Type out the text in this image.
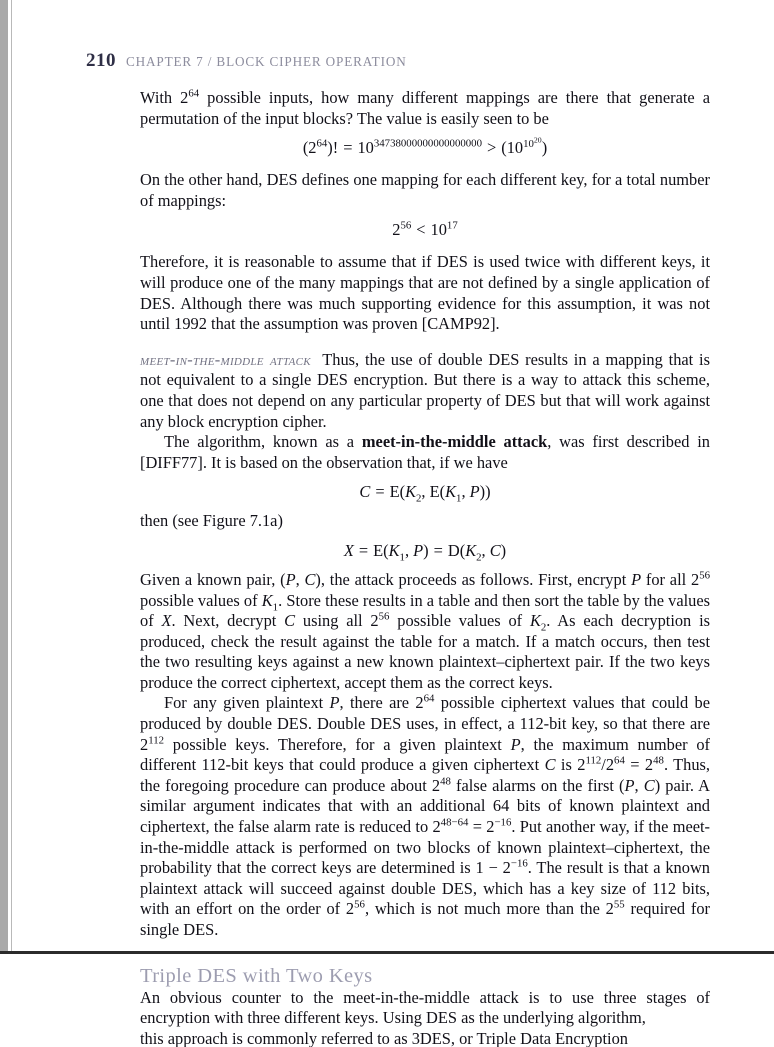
210 CHAPTER 7 / BLOCK CIPHER OPERATION

With $2^{64}$ possible inputs, how many different mappings are there that generate a permutation of the input blocks? The value is easily seen to be

$(2^{64})$! = $10^{34738000000000000000} > (10^{10^{20}})$

On the other hand, DES defines one mapping for each different key, for a total number of mappings:

$2^{56} < 10^{17}$

Therefore, it is reasonable to assume that if DES is used twice with different keys, it will produce one of the many mappings that are not defined by a single application of DES. Although there was much supporting evidence for this assumption, it was not until 1992 that the assumption was proven [CAMP92].

meet-in-the-middle attack Thus, the use of double DES results in a mapping that is not equivalent to a single DES encryption. But there is a way to attack this scheme, one that does not depend on any particular property of DES but that will work against any block encryption cipher.

The algorithm, known as a meet-in-the-middle attack, was first described in [DIFF77]. It is based on the observation that, if we have

$C = E(K_2$, $E(K_1$, P))

then (see Figure 7.1a)

$X = E(K_1$, $P) = D(K_2$, C)

Given a known pair, (P, C), the attack proceeds as follows. First, encrypt P for all $2^{56}$ possible values of $K_1$. Store these results in a table and then sort the table by the values of X. Next, decrypt C using all $2^{56}$ possible values of $K_2$. As each decryption is produced, check the result against the table for a match. If a match occurs, then test the two resulting keys against a new known plaintext–ciphertext pair. If the two keys produce the correct ciphertext, accept them as the correct keys.

For any given plaintext P, there are $2^{64}$ possible ciphertext values that could be produced by double DES. Double DES uses, in effect, a 112-bit key, so that there are $2^{112}$ possible keys. Therefore, for a given plaintext P, the maximum number of different 112-bit keys that could produce a given ciphertext C is $2^{112}/2^{64} = 2^{48}$. Thus, the foregoing procedure can produce about $2^{48}$ false alarms on the first (P, C) pair. A similar argument indicates that with an additional 64 bits of known plaintext and ciphertext, the false alarm rate is reduced to $2^{48-64} = 2^{-16}$. Put another way, if the meet-in-the-middle attack is performed on two blocks of known plaintext–ciphertext, the probability that the correct keys are determined is $1 - 2^{-16}$. The result is that a known plaintext attack will succeed against double DES, which has a key size of 112 bits, with an effort on the order of $2^{56}$, which is not much more than the $2^{55}$ required for single DES.

Triple DES with Two Keys

An obvious counter to the meet-in-the-middle attack is to use three stages of encryption with three different keys. Using DES as the underlying algorithm,

this approach is commonly referred to as 3DES, or Triple Data Encryption
